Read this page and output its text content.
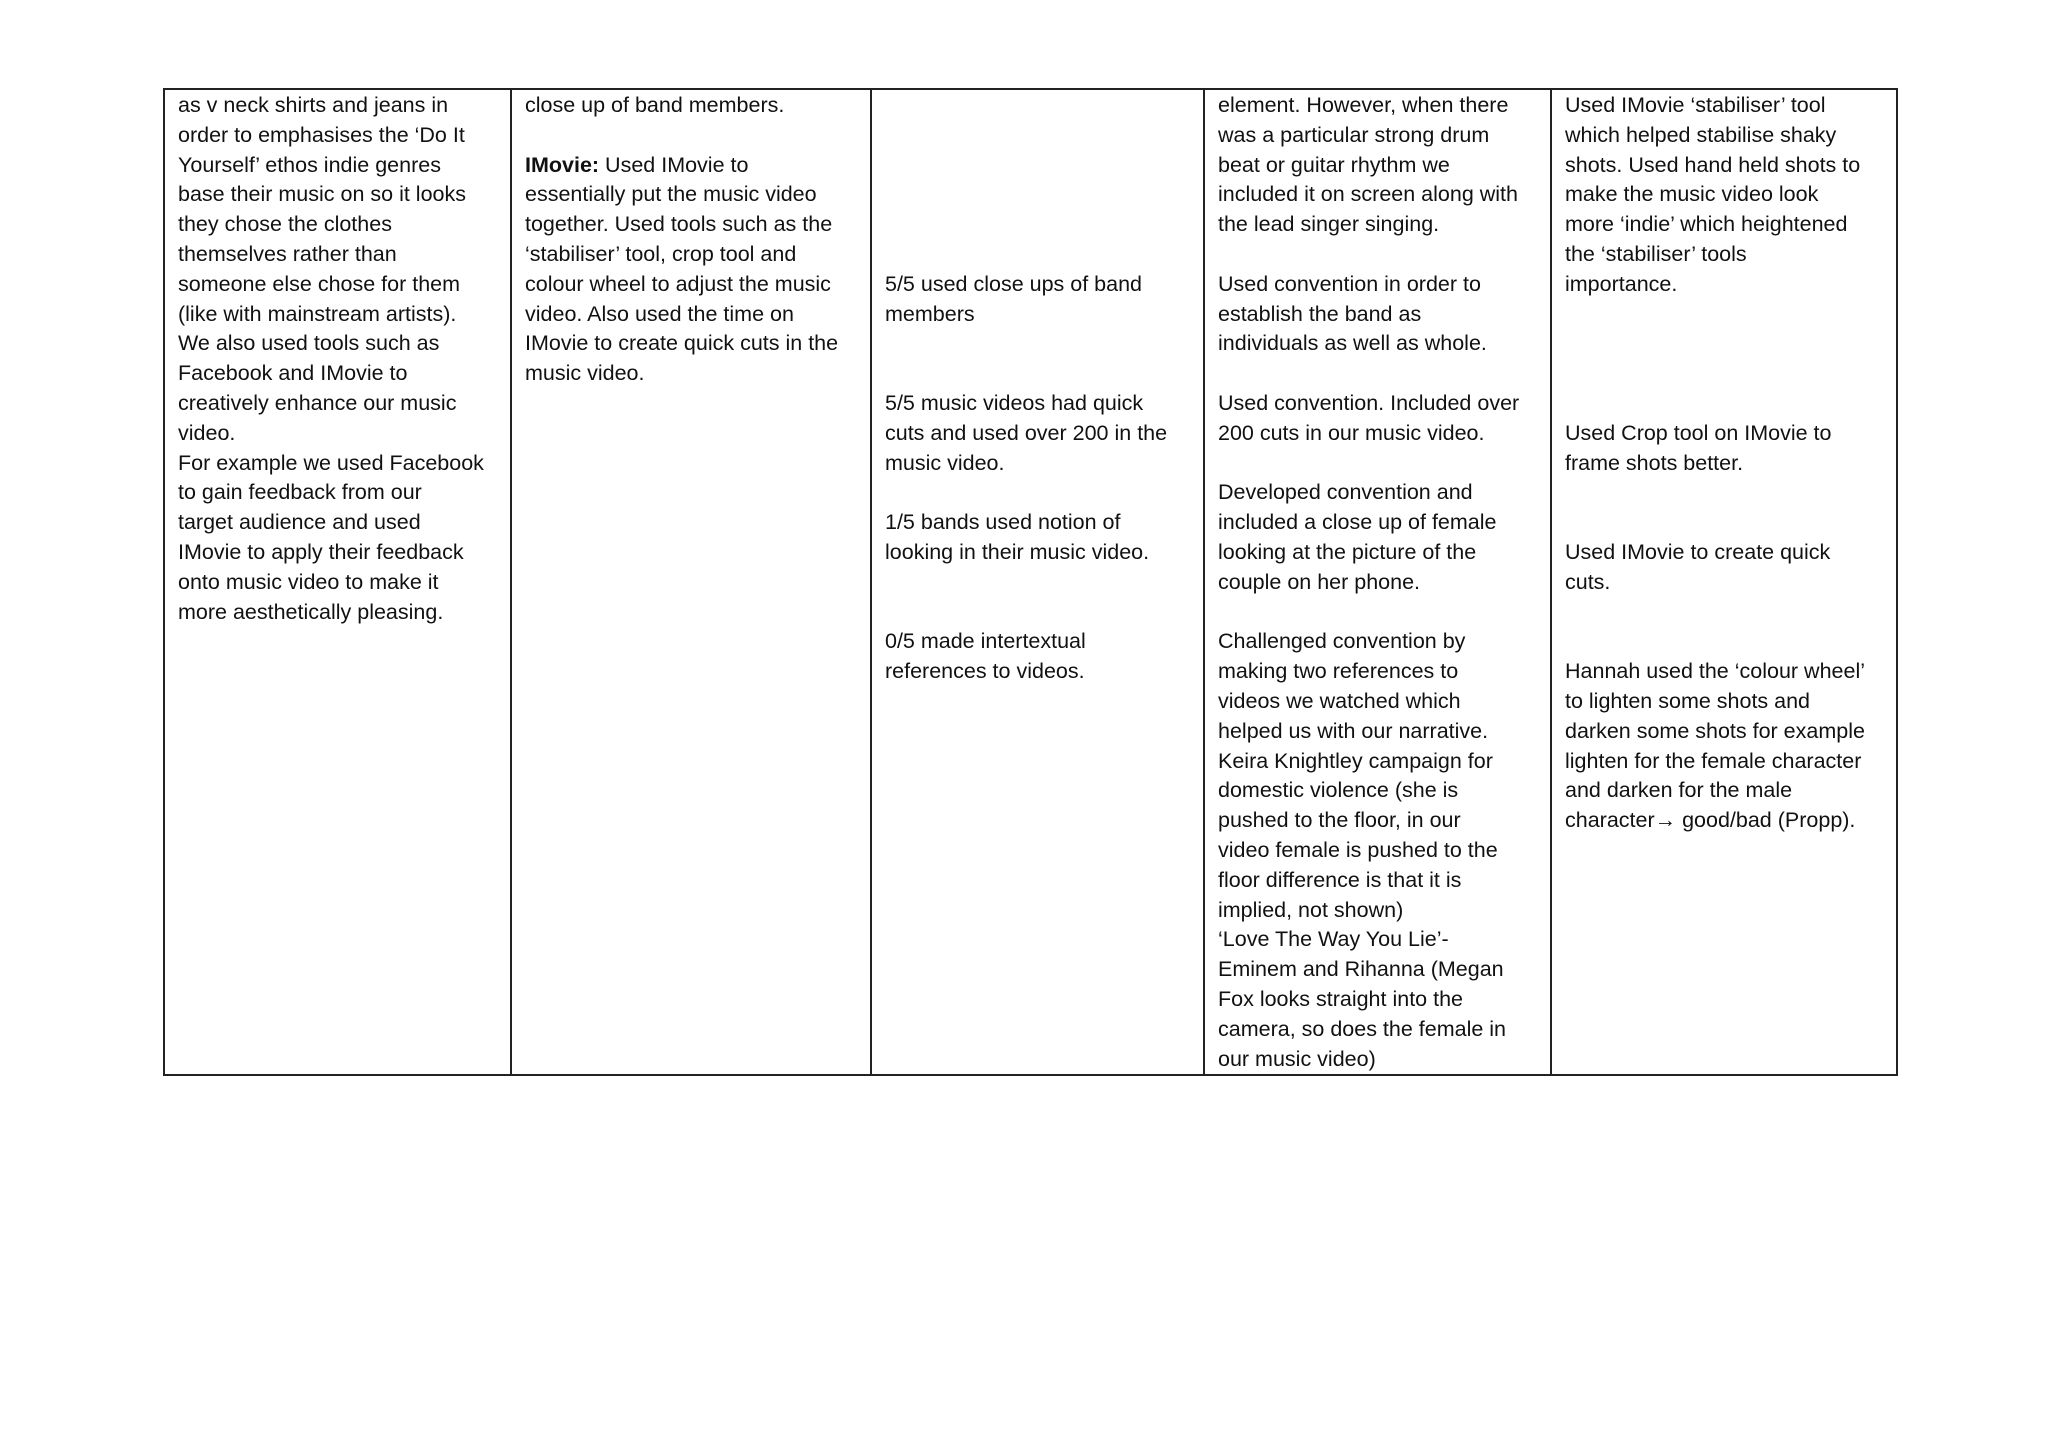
as v neck shirts and jeans in
order to emphasises the ‘Do It
Yourself’ ethos indie genres
base their music on so it looks
they chose the clothes
themselves rather than
someone else chose for them
(like with mainstream artists).
We also used tools such as
Facebook and IMovie to
creatively enhance our music
video.
For example we used Facebook
to gain feedback from our
target audience and used
IMovie to apply their feedback
onto music video to make it
more aesthetically pleasing.

close up of band members.
IMovie: Used IMovie to
essentially put the music video
together. Used tools such as the
‘stabiliser’ tool, crop tool and
colour wheel to adjust the music
video. Also used the time on
IMovie to create quick cuts in the
music video.

5/5 used close ups of band
members
5/5 music videos had quick
cuts and used over 200 in the
music video.
1/5 bands used notion of
looking in their music video.
0/5 made intertextual
references to videos.

element. However, when there
was a particular strong drum
beat or guitar rhythm we
included it on screen along with
the lead singer singing.
Used convention in order to
establish the band as
individuals as well as whole.
Used convention. Included over
200 cuts in our music video.
Developed convention and
included a close up of female
looking at the picture of the
couple on her phone.
Challenged convention by
making two references to
videos we watched which
helped us with our narrative.
Keira Knightley campaign for
domestic violence (she is
pushed to the floor, in our
video female is pushed to the
floor difference is that it is
implied, not shown)
‘Love The Way You Lie’-
Eminem and Rihanna (Megan
Fox looks straight into the
camera, so does the female in
our music video)

Used IMovie ‘stabiliser’ tool
which helped stabilise shaky
shots. Used hand held shots to
make the music video look
more ‘indie’ which heightened
the ‘stabiliser’ tools
importance.
Used Crop tool on IMovie to
frame shots better.
Used IMovie to create quick
cuts.
Hannah used the ‘colour wheel’
to lighten some shots and
darken some shots for example
lighten for the female character
and darken for the male
character→ good/bad (Propp).
